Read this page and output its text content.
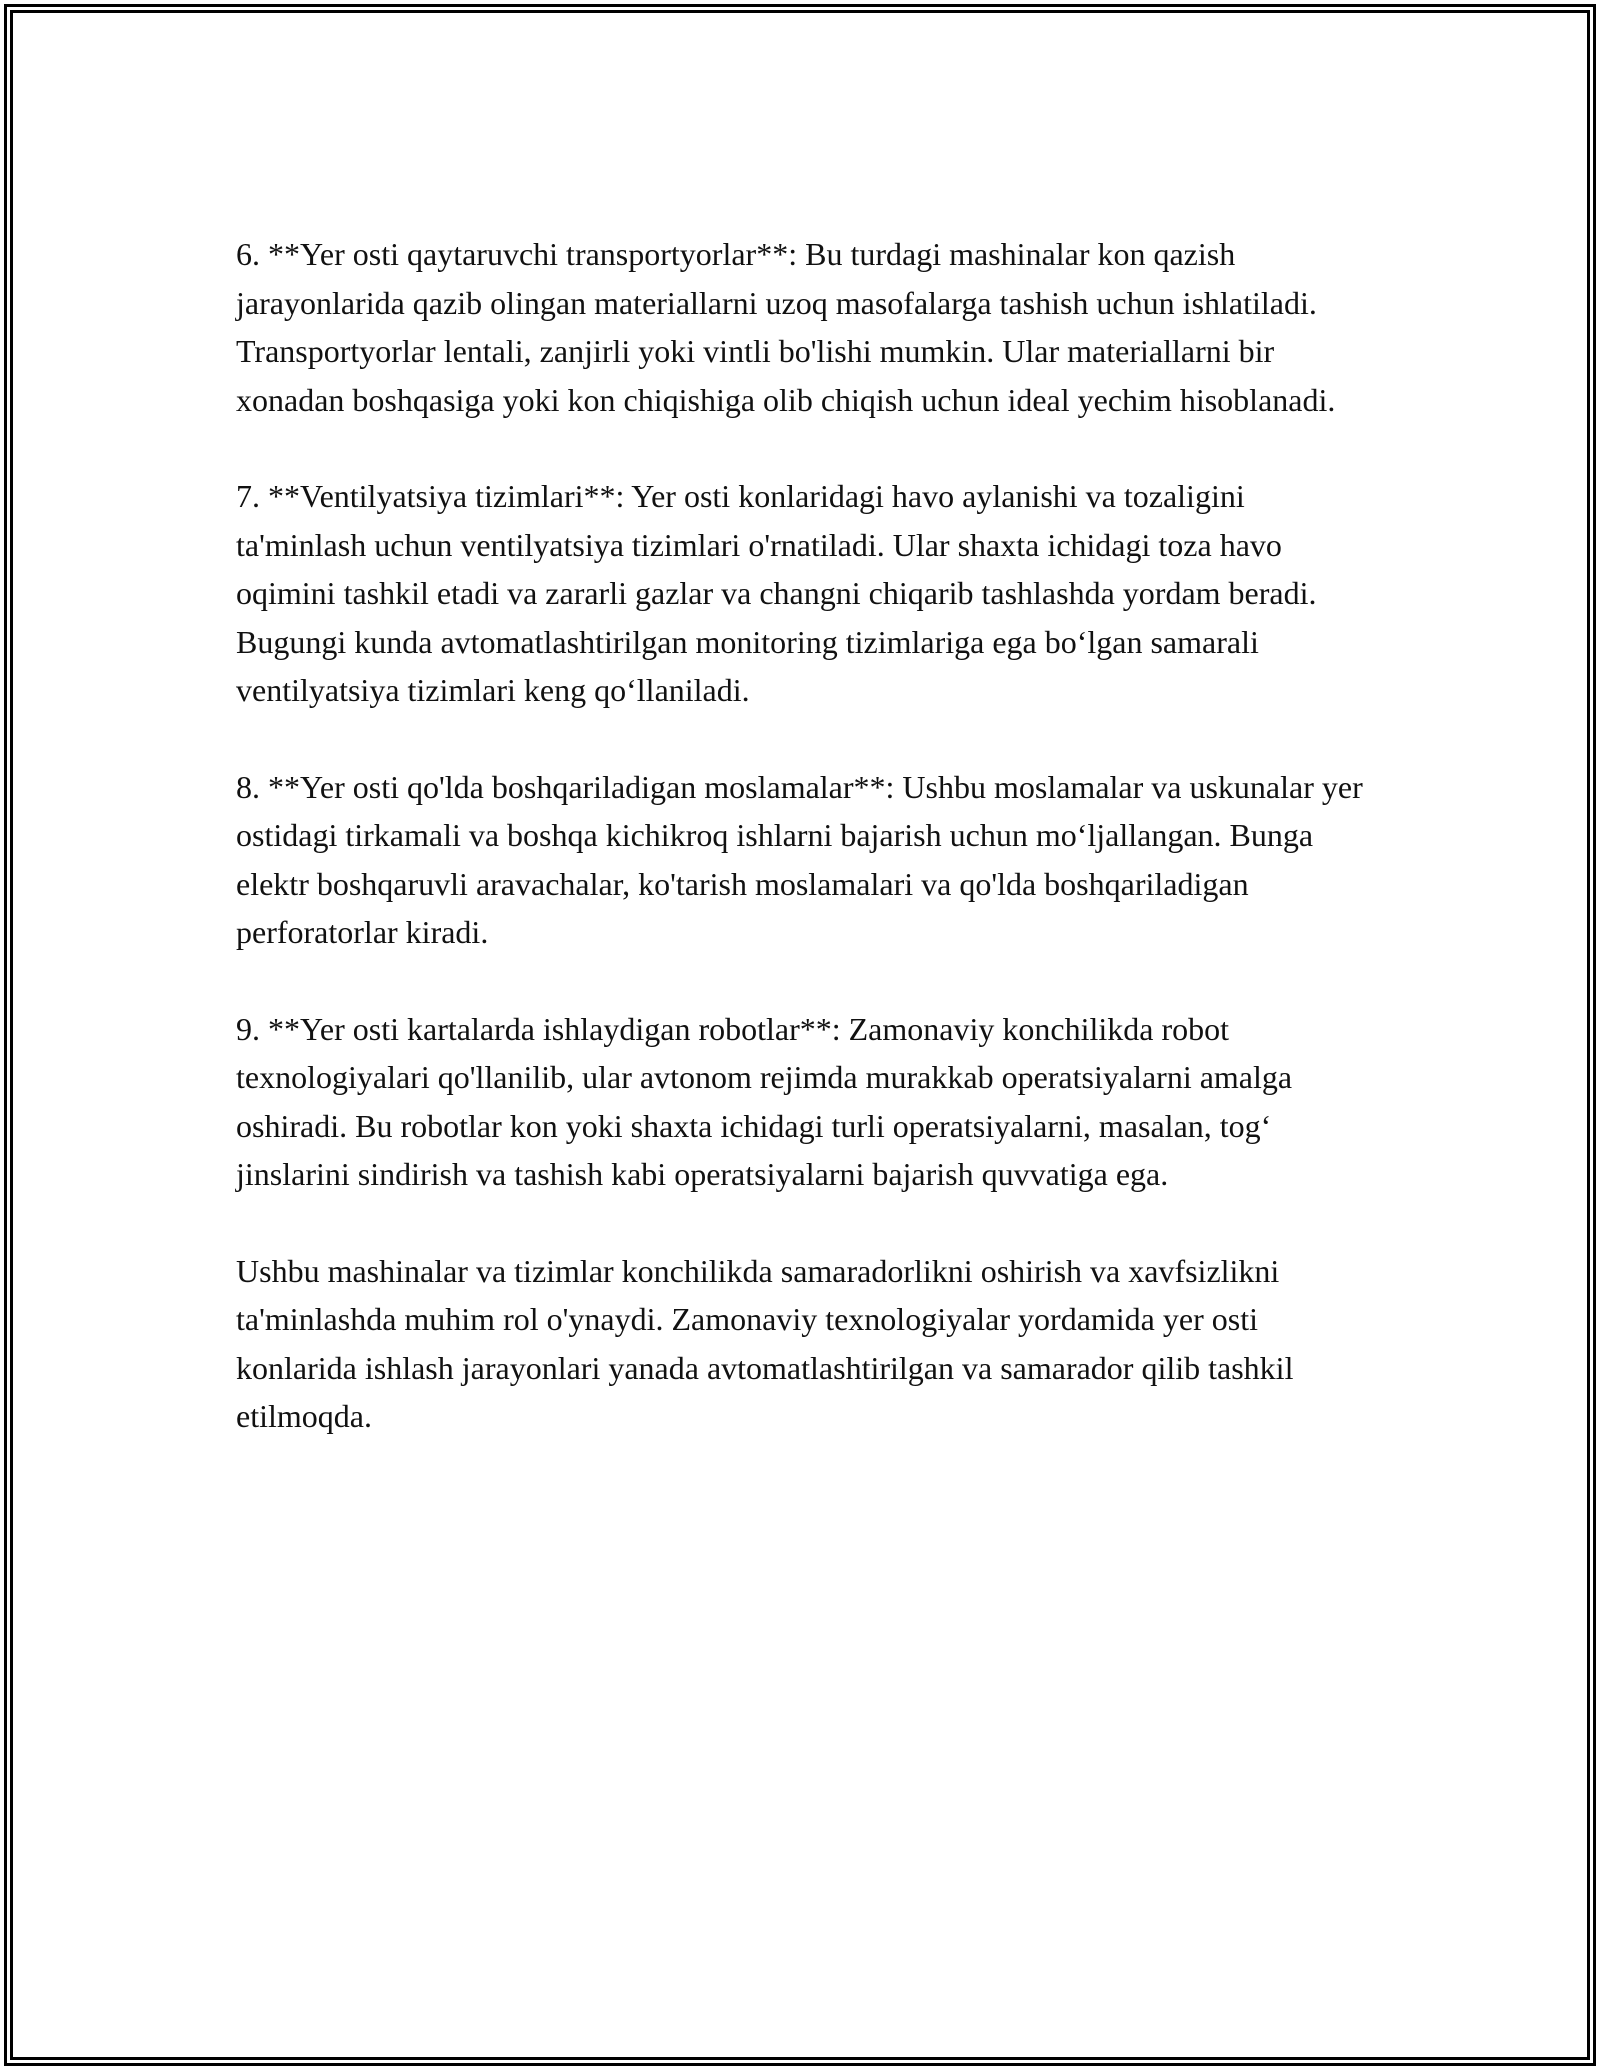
6. **Yer osti qaytaruvchi transportyorlar**: Bu turdagi mashinalar kon qazish jarayonlarida qazib olingan materiallarni uzoq masofalarga tashish uchun ishlatiladi. Transportyorlar lentali, zanjirli yoki vintli bo'lishi mumkin. Ular materiallarni bir xonadan boshqasiga yoki kon chiqishiga olib chiqish uchun ideal yechim hisoblanadi.

7. **Ventilyatsiya tizimlari**: Yer osti konlaridagi havo aylanishi va tozaligini ta'minlash uchun ventilyatsiya tizimlari o'rnatiladi. Ular shaxta ichidagi toza havo oqimini tashkil etadi va zararli gazlar va changni chiqarib tashlashda yordam beradi. Bugungi kunda avtomatlashtirilgan monitoring tizimlariga ega bo‘lgan samarali ventilyatsiya tizimlari keng qo‘llaniladi.

8. **Yer osti qo'lda boshqariladigan moslamalar**: Ushbu moslamalar va uskunalar yer ostidagi tirkamali va boshqa kichikroq ishlarni bajarish uchun mo‘ljallangan. Bunga elektr boshqaruvli aravachalar, ko'tarish moslamalari va qo'lda boshqariladigan perforatorlar kiradi.

9. **Yer osti kartalarda ishlaydigan robotlar**: Zamonaviy konchilikda robot texnologiyalari qo'llanilib, ular avtonom rejimda murakkab operatsiyalarni amalga oshiradi. Bu robotlar kon yoki shaxta ichidagi turli operatsiyalarni, masalan, tog‘ jinslarini sindirish va tashish kabi operatsiyalarni bajarish quvvatiga ega.

Ushbu mashinalar va tizimlar konchilikda samaradorlikni oshirish va xavfsizlikni ta'minlashda muhim rol o'ynaydi. Zamonaviy texnologiyalar yordamida yer osti konlarida ishlash jarayonlari yanada avtomatlashtirilgan va samarador qilib tashkil etilmoqda.
